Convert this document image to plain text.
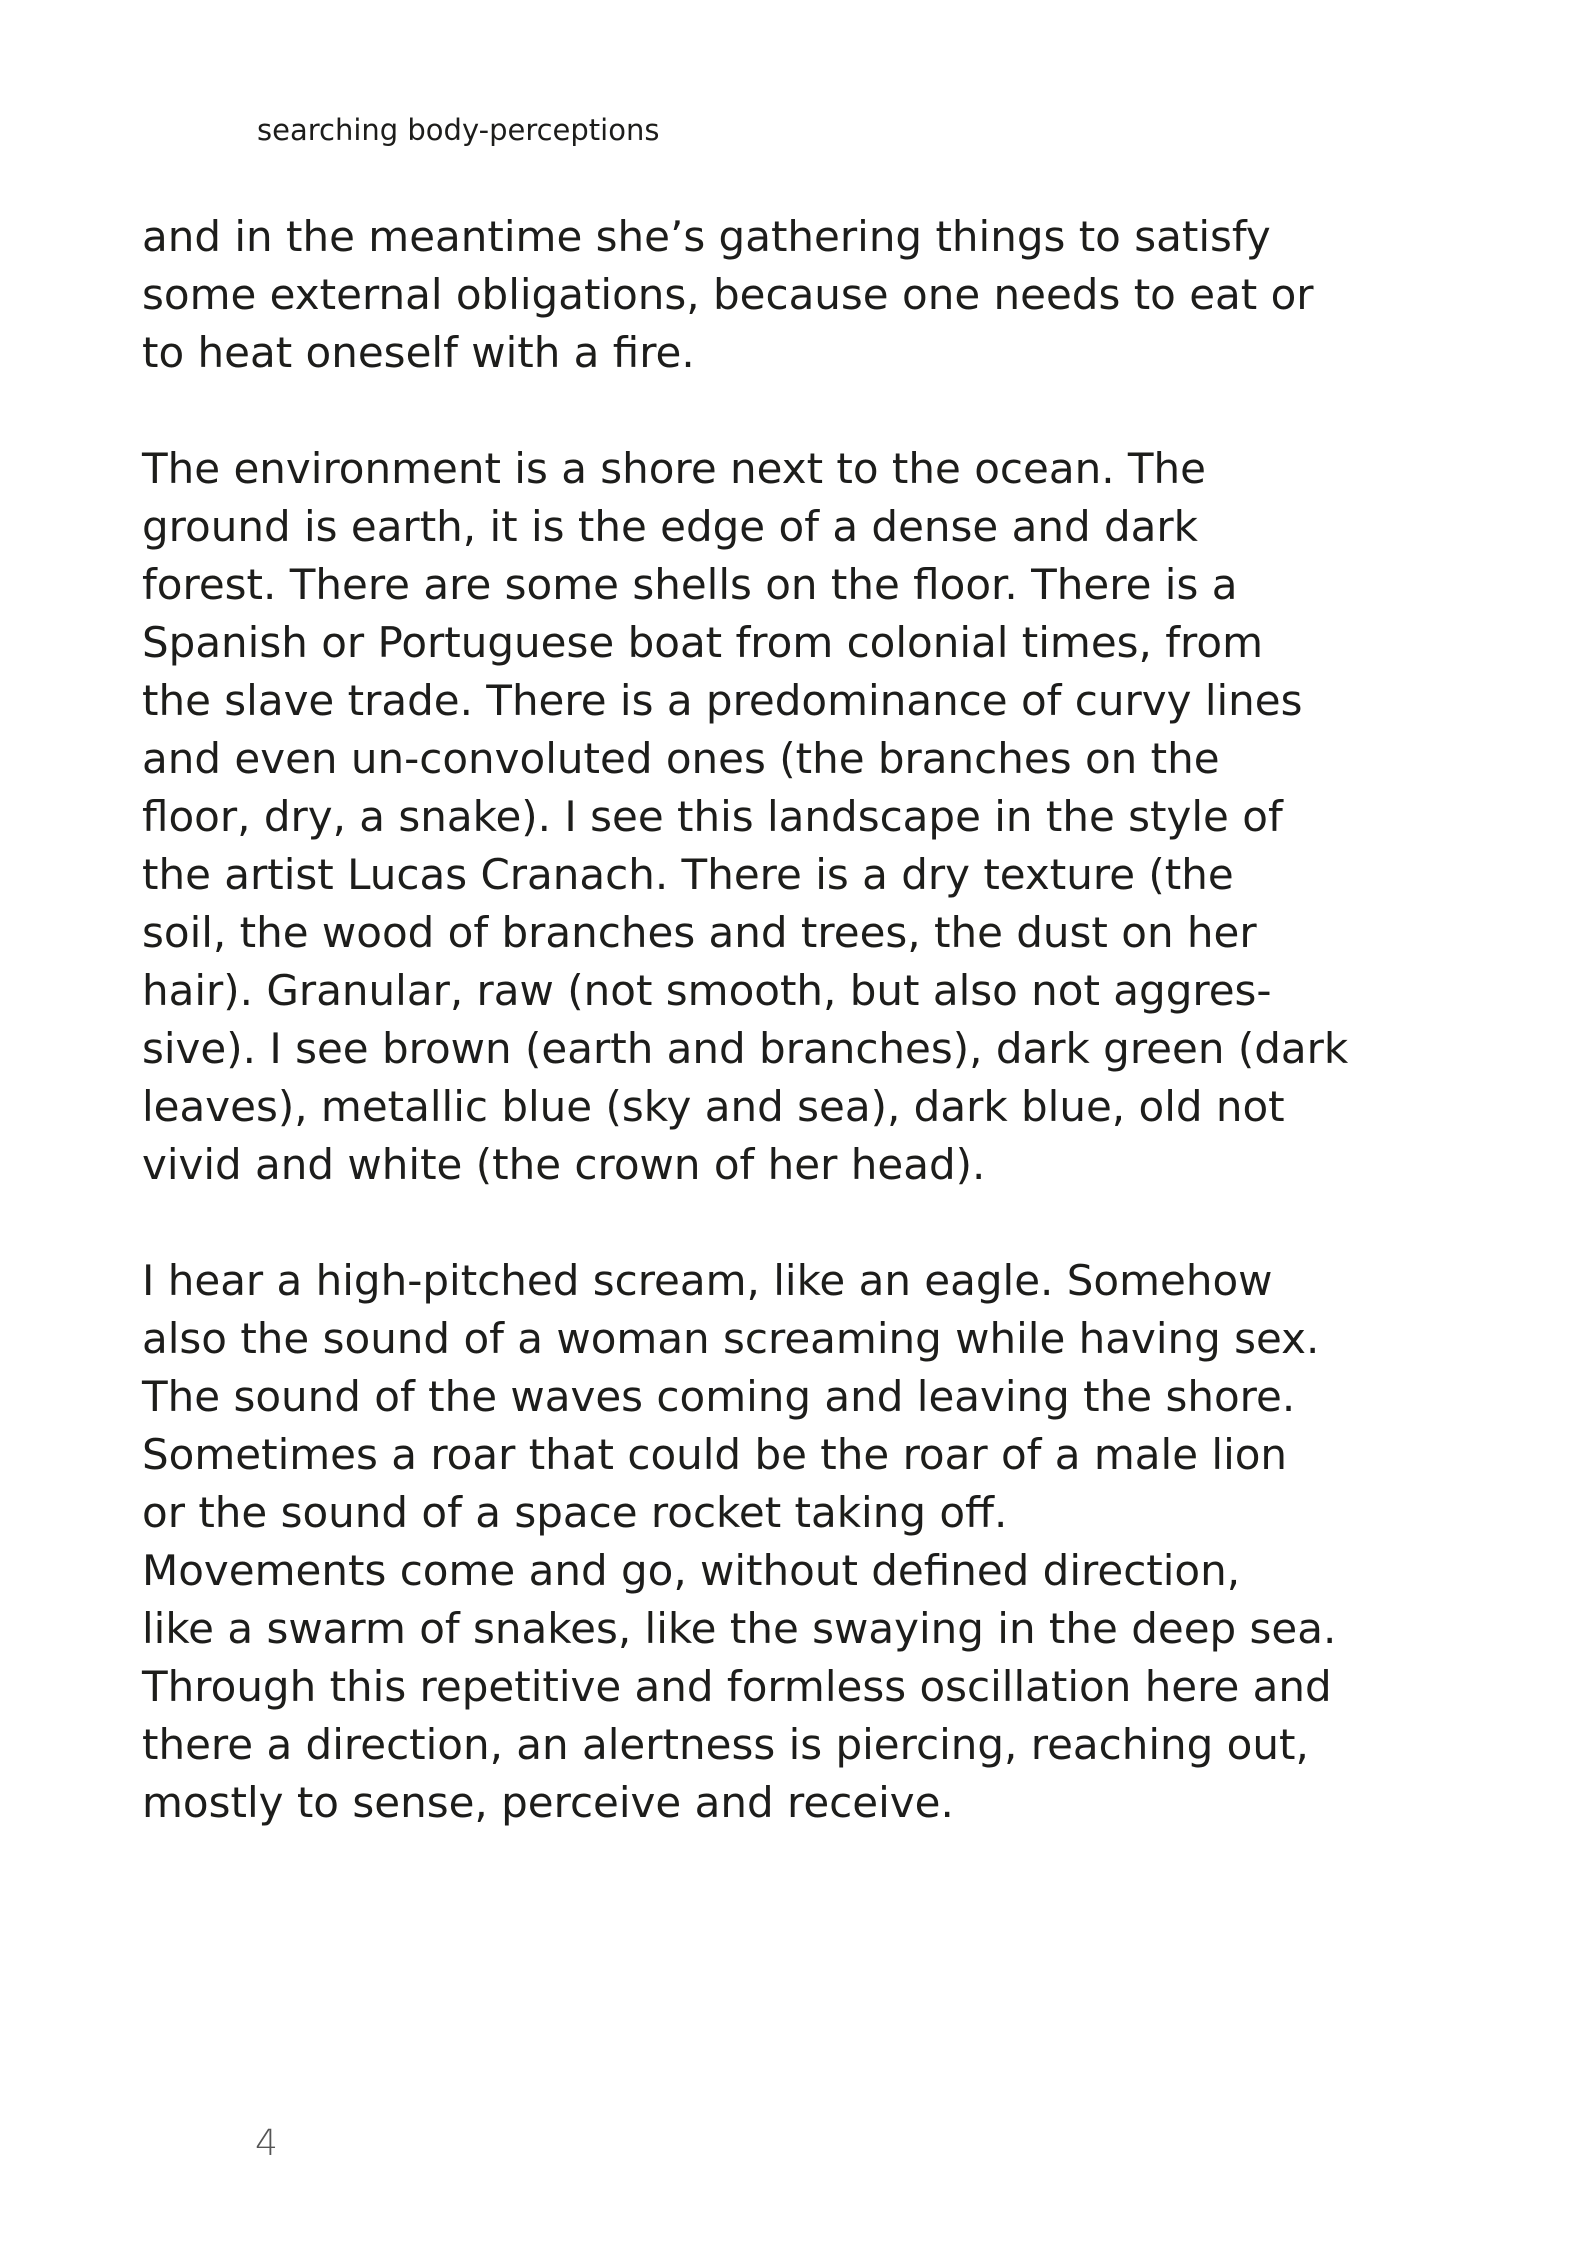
searching body-perceptions

and in the meantime she’s gathering things to satisfy
some external obligations, because one needs to eat or
to heat oneself with a fire.

The environment is a shore next to the ocean. The
ground is earth, it is the edge of a dense and dark
forest. There are some shells on the floor. There is a
Spanish or Portuguese boat from colonial times, from
the slave trade. There is a predominance of curvy lines
and even un-convoluted ones (the branches on the
floor, dry, a snake). I see this landscape in the style of
the artist Lucas Cranach. There is a dry texture (the
soil, the wood of branches and trees, the dust on her
hair). Granular, raw (not smooth, but also not aggres-
sive). I see brown (earth and branches), dark green (dark
leaves), metallic blue (sky and sea), dark blue, old not
vivid and white (the crown of her head).

I hear a high-pitched scream, like an eagle. Somehow
also the sound of a woman screaming while having sex.
The sound of the waves coming and leaving the shore.
Sometimes a roar that could be the roar of a male lion
or the sound of a space rocket taking off.
Movements come and go, without defined direction,
like a swarm of snakes, like the swaying in the deep sea.
Through this repetitive and formless oscillation here and
there a direction, an alertness is piercing, reaching out,
mostly to sense, perceive and receive.

4
